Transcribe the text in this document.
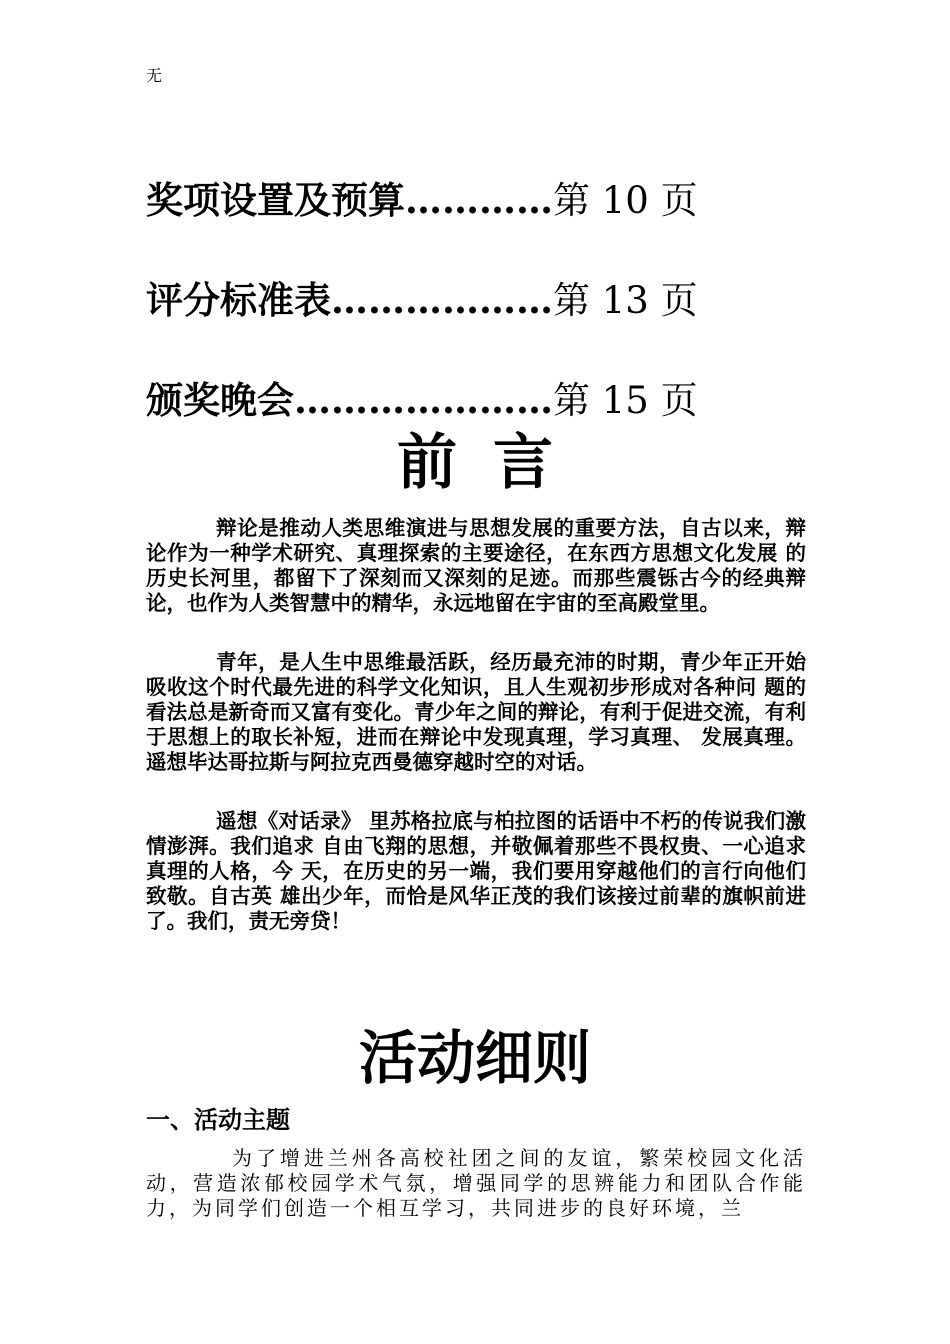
无
奖项设置及预算…………第 10 页
评分标准表………………第 13 页
颁奖晚会…………………第 15 页
前言

辩论是推动人类思维演进与思想发展的重要方法，自古以来，辩论作为一种学术研究、真理探索的主要途径，在东西方思想文化发展 的历史长河里，都留下了深刻而又深刻的足迹。而那些震铄古今的经典辩论，也作为人类智慧中的精华，永远地留在宇宙的至高殿堂里。

青年，是人生中思维最活跃，经历最充沛的时期，青少年正开始吸收这个时代最先进的科学文化知识，且人生观初步形成对各种问 题的看法总是新奇而又富有变化。青少年之间的辩论，有利于促进交流，有利于思想上的取长补短，进而在辩论中发现真理，学习真理、 发展真理。遥想毕达哥拉斯与阿拉克西曼德穿越时空的对话。

遥想《对话录》 里苏格拉底与柏拉图的话语中不朽的传说我们激情澎湃。我们追求 自由飞翔的思想，并敬佩着那些不畏权贵、一心追求真理的人格，今 天，在历史的另一端，我们要用穿越他们的言行向他们致敬。自古英 雄出少年，而恰是风华正茂的我们该接过前辈的旗帜前进了。我们，责无旁贷！

活动细则
一、活动主题
为了增进兰州各高校社团之间的友谊，繁荣校园文化活动，营造浓郁校园学术气氛，增强同学的思辨能力和团队合作能力，为同学们创造一个相互学习，共同进步的良好环境，兰
